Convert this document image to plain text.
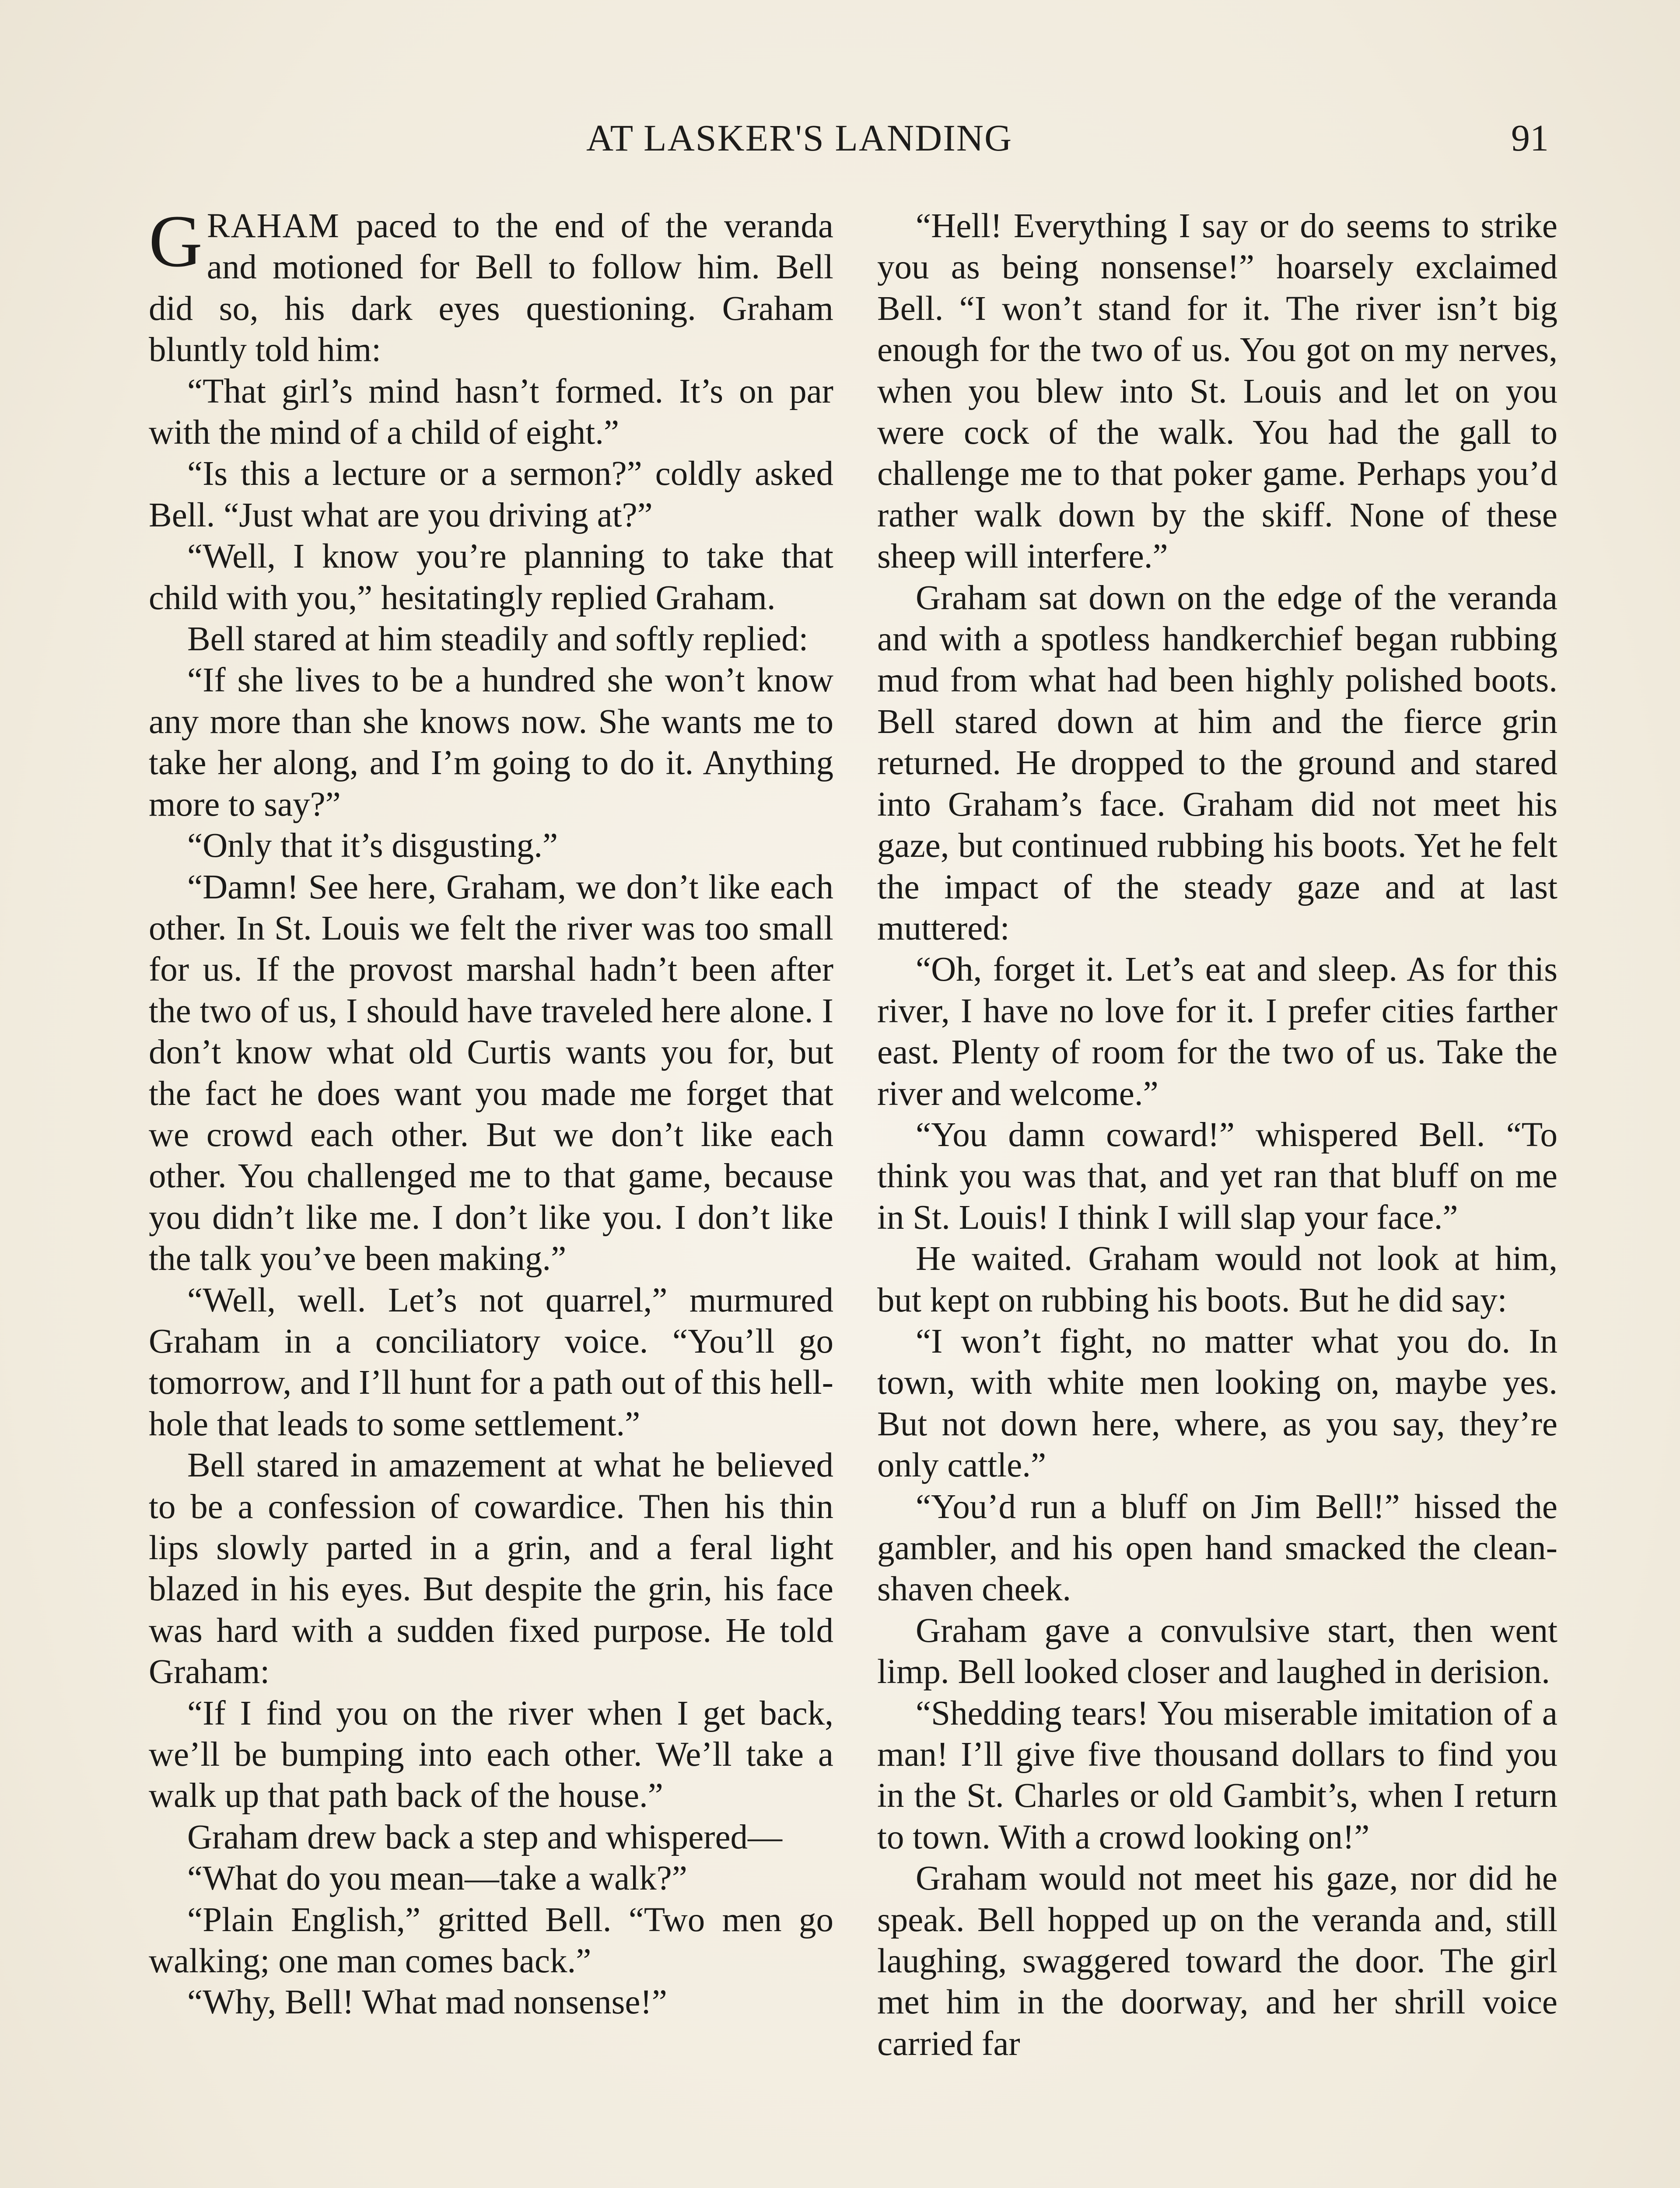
AT LASKER'S LANDING	91

GRAHAM paced to the end of the veranda and motioned for Bell to follow him. Bell did so, his dark eyes questioning. Graham bluntly told him:

“That girl’s mind hasn’t formed. It’s on par with the mind of a child of eight.”

“Is this a lecture or a sermon?” coldly asked Bell. “Just what are you driving at?”

“Well, I know you’re planning to take that child with you,” hesitatingly replied Graham.

Bell stared at him steadily and softly replied:

“If she lives to be a hundred she won’t know any more than she knows now. She wants me to take her along, and I’m going to do it. Anything more to say?”

“Only that it’s disgusting.”

“Damn! See here, Graham, we don’t like each other. In St. Louis we felt the river was too small for us. If the provost marshal hadn’t been after the two of us, I should have traveled here alone. I don’t know what old Curtis wants you for, but the fact he does want you made me forget that we crowd each other. But we don’t like each other. You challenged me to that game, because you didn’t like me. I don’t like you. I don’t like the talk you’ve been making.”

“Well, well. Let’s not quarrel,” murmured Graham in a conciliatory voice. “You’ll go tomorrow, and I’ll hunt for a path out of this hell-hole that leads to some settlement.”

Bell stared in amazement at what he believed to be a confession of cowardice. Then his thin lips slowly parted in a grin, and a feral light blazed in his eyes. But despite the grin, his face was hard with a sudden fixed purpose. He told Graham:

“If I find you on the river when I get back, we’ll be bumping into each other. We’ll take a walk up that path back of the house.”

Graham drew back a step and whispered—

“What do you mean—take a walk?”

“Plain English,” gritted Bell. “Two men go walking; one man comes back.”

“Why, Bell! What mad nonsense!”

“Hell! Everything I say or do seems to strike you as being nonsense!” hoarsely exclaimed Bell. “I won’t stand for it. The river isn’t big enough for the two of us. You got on my nerves, when you blew into St. Louis and let on you were cock of the walk. You had the gall to challenge me to that poker game. Perhaps you’d rather walk down by the skiff. None of these sheep will interfere.”

Graham sat down on the edge of the veranda and with a spotless handkerchief began rubbing mud from what had been highly polished boots. Bell stared down at him and the fierce grin returned. He dropped to the ground and stared into Graham’s face. Graham did not meet his gaze, but continued rubbing his boots. Yet he felt the impact of the steady gaze and at last muttered:

“Oh, forget it. Let’s eat and sleep. As for this river, I have no love for it. I prefer cities farther east. Plenty of room for the two of us. Take the river and welcome.”

“You damn coward!” whispered Bell. “To think you was that, and yet ran that bluff on me in St. Louis! I think I will slap your face.”

He waited. Graham would not look at him, but kept on rubbing his boots. But he did say:

“I won’t fight, no matter what you do. In town, with white men looking on, maybe yes. But not down here, where, as you say, they’re only cattle.”

“You’d run a bluff on Jim Bell!” hissed the gambler, and his open hand smacked the clean-shaven cheek.

Graham gave a convulsive start, then went limp. Bell looked closer and laughed in derision.

“Shedding tears! You miserable imitation of a man! I’ll give five thousand dollars to find you in the St. Charles or old Gambit’s, when I return to town. With a crowd looking on!”

Graham would not meet his gaze, nor did he speak. Bell hopped up on the veranda and, still laughing, swaggered toward the door. The girl met him in the doorway, and her shrill voice carried far
